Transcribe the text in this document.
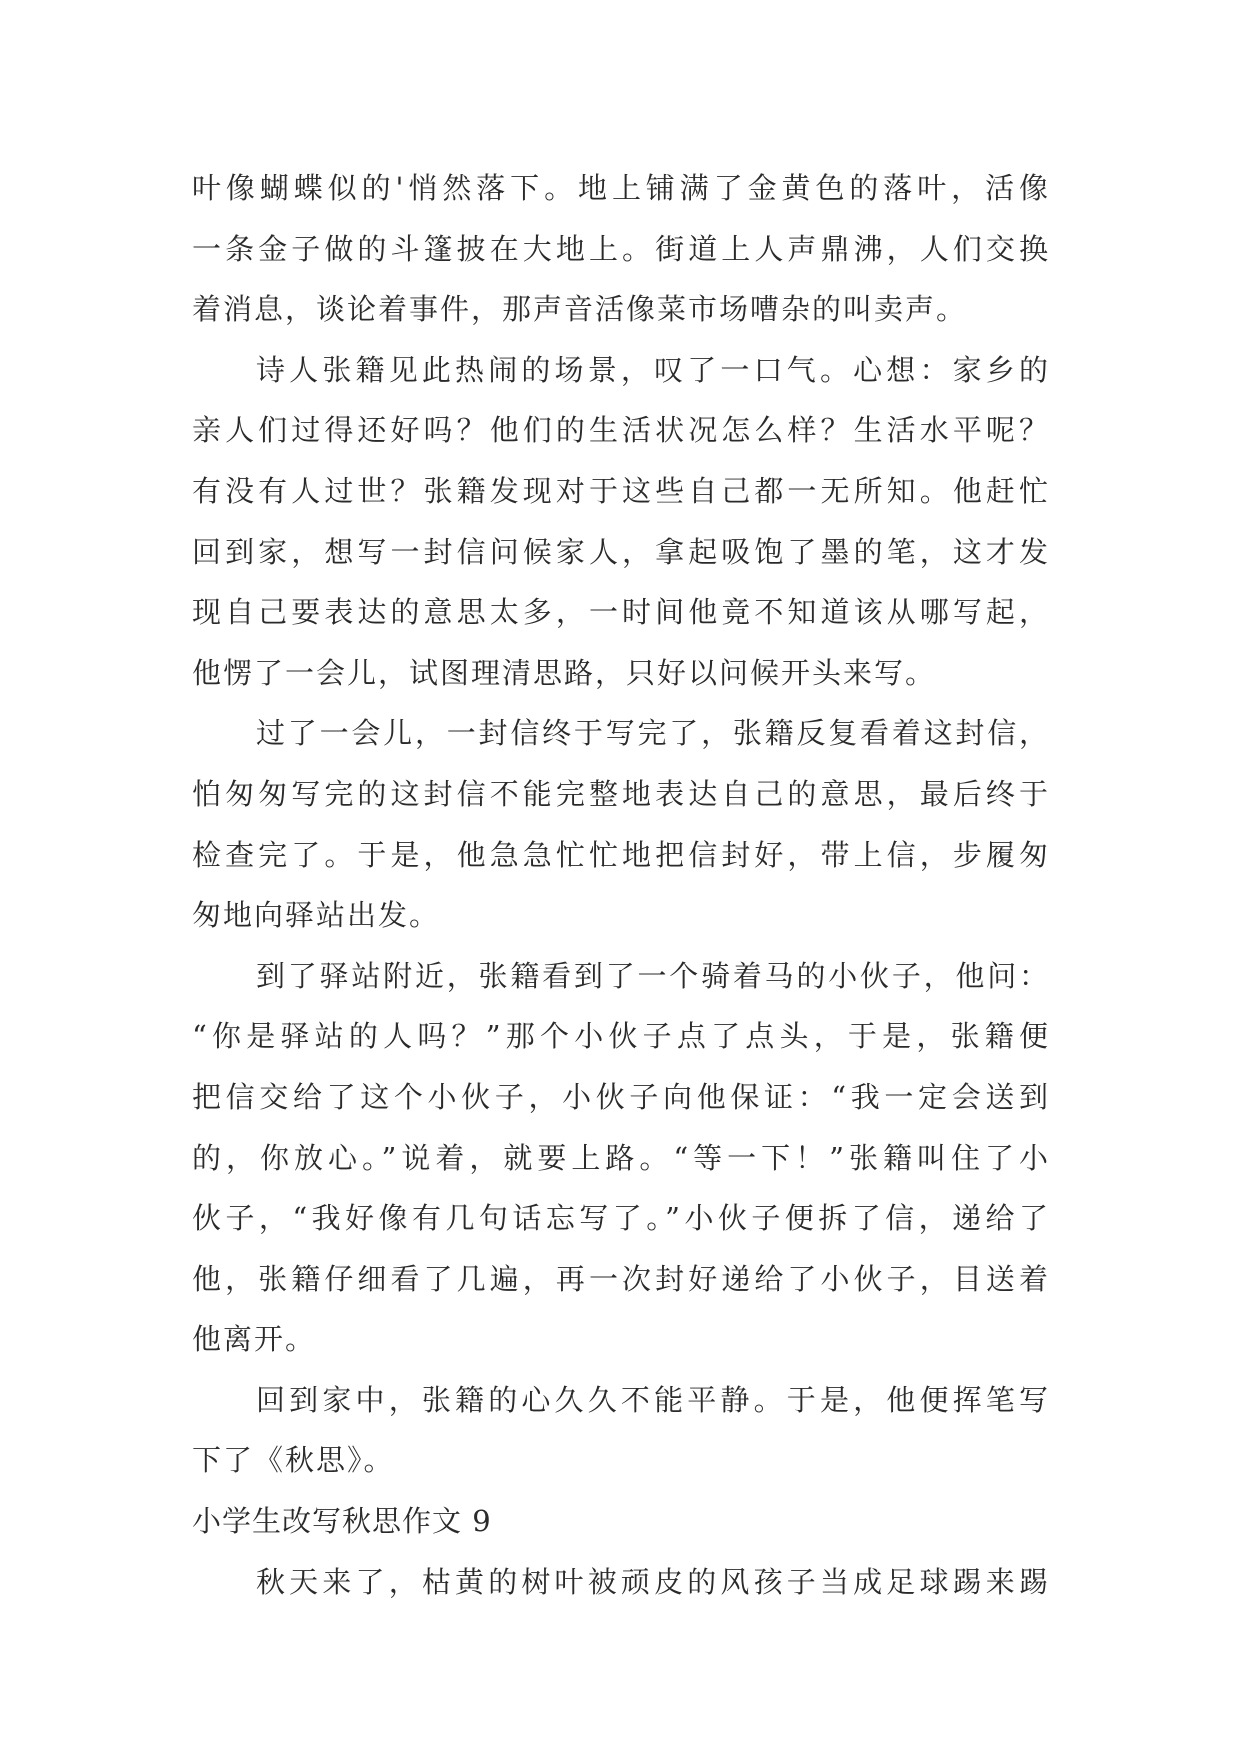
叶像蝴蝶似的'悄然落下。地上铺满了金黄色的落叶，活像
一条金子做的斗篷披在大地上。街道上人声鼎沸，人们交换
着消息，谈论着事件，那声音活像菜市场嘈杂的叫卖声。
诗人张籍见此热闹的场景，叹了一口气。心想：家乡的
亲人们过得还好吗？他们的生活状况怎么样？生活水平呢？
有没有人过世？张籍发现对于这些自己都一无所知。他赶忙
回到家，想写一封信问候家人，拿起吸饱了墨的笔，这才发
现自己要表达的意思太多，一时间他竟不知道该从哪写起，
他愣了一会儿，试图理清思路，只好以问候开头来写。
过了一会儿，一封信终于写完了，张籍反复看着这封信，
怕匆匆写完的这封信不能完整地表达自己的意思，最后终于
检查完了。于是，他急急忙忙地把信封好，带上信，步履匆
匆地向驿站出发。
到了驿站附近，张籍看到了一个骑着马的小伙子，他问：
“你是驿站的人吗？”那个小伙子点了点头，于是，张籍便
把信交给了这个小伙子，小伙子向他保证：“我一定会送到
的，你放心。”说着，就要上路。“等一下！”张籍叫住了小
伙子，“我好像有几句话忘写了。”小伙子便拆了信，递给了
他，张籍仔细看了几遍，再一次封好递给了小伙子，目送着
他离开。
回到家中，张籍的心久久不能平静。于是，他便挥笔写
下了《秋思》。
小学生改写秋思作文 9
秋天来了，枯黄的树叶被顽皮的风孩子当成足球踢来踢
